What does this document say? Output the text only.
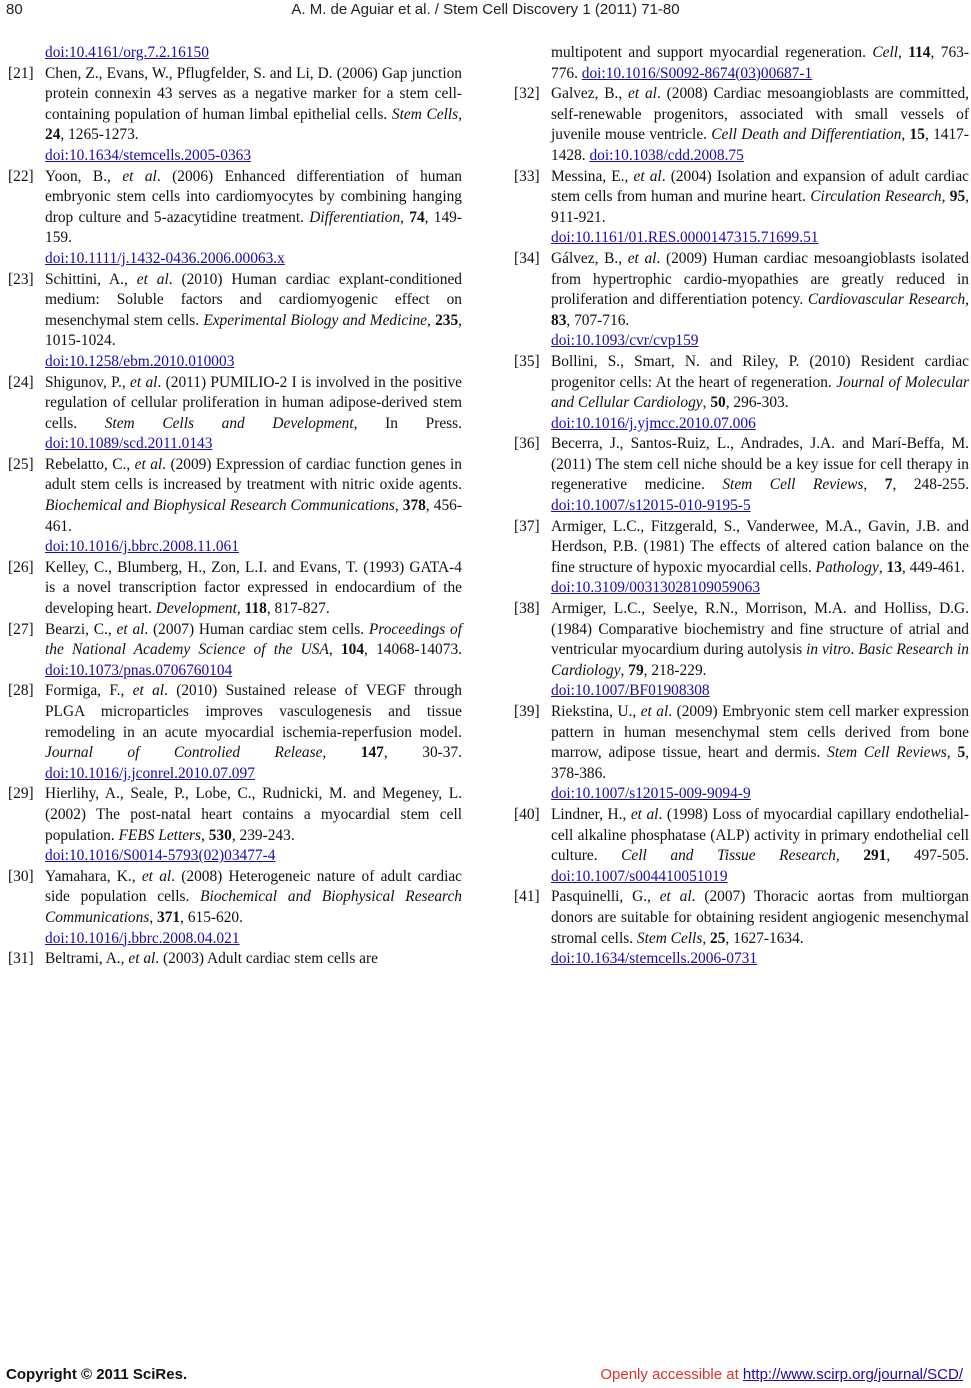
80	A. M. de Aguiar et al. / Stem Cell Discovery 1 (2011) 71-80
doi:10.4161/org.7.2.16150
[21] Chen, Z., Evans, W., Pflugfelder, S. and Li, D. (2006) Gap junction protein connexin 43 serves as a negative marker for a stem cell-containing population of human limbal epithelial cells. Stem Cells, 24, 1265-1273.
doi:10.1634/stemcells.2005-0363
[22] Yoon, B., et al. (2006) Enhanced differentiation of human embryonic stem cells into cardiomyocytes by combining hanging drop culture and 5-azacytidine treatment. Differentiation, 74, 149-159.
doi:10.1111/j.1432-0436.2006.00063.x
[23] Schittini, A., et al. (2010) Human cardiac explant-conditioned medium: Soluble factors and cardiomyogenic effect on mesenchymal stem cells. Experimental Biology and Medicine, 235, 1015-1024.
doi:10.1258/ebm.2010.010003
[24] Shigunov, P., et al. (2011) PUMILIO-2 I is involved in the positive regulation of cellular proliferation in human adipose-derived stem cells. Stem Cells and Development, In Press. doi:10.1089/scd.2011.0143
[25] Rebelatto, C., et al. (2009) Expression of cardiac function genes in adult stem cells is increased by treatment with nitric oxide agents. Biochemical and Biophysical Research Communications, 378, 456-461.
doi:10.1016/j.bbrc.2008.11.061
[26] Kelley, C., Blumberg, H., Zon, L.I. and Evans, T. (1993) GATA-4 is a novel transcription factor expressed in endocardium of the developing heart. Development, 118, 817-827.
[27] Bearzi, C., et al. (2007) Human cardiac stem cells. Proceedings of the National Academy Science of the USA, 104, 14068-14073. doi:10.1073/pnas.0706760104
[28] Formiga, F., et al. (2010) Sustained release of VEGF through PLGA microparticles improves vasculogenesis and tissue remodeling in an acute myocardial ischemia-reperfusion model. Journal of Controlied Release, 147, 30-37. doi:10.1016/j.jconrel.2010.07.097
[29] Hierlihy, A., Seale, P., Lobe, C., Rudnicki, M. and Megeney, L. (2002) The post-natal heart contains a myocardial stem cell population. FEBS Letters, 530, 239-243.
doi:10.1016/S0014-5793(02)03477-4
[30] Yamahara, K., et al. (2008) Heterogeneic nature of adult cardiac side population cells. Biochemical and Biophysical Research Communications, 371, 615-620.
doi:10.1016/j.bbrc.2008.04.021
[31] Beltrami, A., et al. (2003) Adult cardiac stem cells are
multipotent and support myocardial regeneration. Cell, 114, 763-776. doi:10.1016/S0092-8674(03)00687-1
[32] Galvez, B., et al. (2008) Cardiac mesoangioblasts are committed, self-renewable progenitors, associated with small vessels of juvenile mouse ventricle. Cell Death and Differentiation, 15, 1417-1428. doi:10.1038/cdd.2008.75
[33] Messina, E., et al. (2004) Isolation and expansion of adult cardiac stem cells from human and murine heart. Circulation Research, 95, 911-921.
doi:10.1161/01.RES.0000147315.71699.51
[34] Gálvez, B., et al. (2009) Human cardiac mesoangioblasts isolated from hypertrophic cardio-myopathies are greatly reduced in proliferation and differentiation potency. Cardiovascular Research, 83, 707-716.
doi:10.1093/cvr/cvp159
[35] Bollini, S., Smart, N. and Riley, P. (2010) Resident cardiac progenitor cells: At the heart of regeneration. Journal of Molecular and Cellular Cardiology, 50, 296-303.
doi:10.1016/j.yjmcc.2010.07.006
[36] Becerra, J., Santos-Ruiz, L., Andrades, J.A. and Marí-Beffa, M. (2011) The stem cell niche should be a key issue for cell therapy in regenerative medicine. Stem Cell Reviews, 7, 248-255. doi:10.1007/s12015-010-9195-5
[37] Armiger, L.C., Fitzgerald, S., Vanderwee, M.A., Gavin, J.B. and Herdson, P.B. (1981) The effects of altered cation balance on the fine structure of hypoxic myocardial cells. Pathology, 13, 449-461.
doi:10.3109/00313028109059063
[38] Armiger, L.C., Seelye, R.N., Morrison, M.A. and Holliss, D.G. (1984) Comparative biochemistry and fine structure of atrial and ventricular myocardium during autolysis in vitro. Basic Research in Cardiology, 79, 218-229.
doi:10.1007/BF01908308
[39] Riekstina, U., et al. (2009) Embryonic stem cell marker expression pattern in human mesenchymal stem cells derived from bone marrow, adipose tissue, heart and dermis. Stem Cell Reviews, 5, 378-386.
doi:10.1007/s12015-009-9094-9
[40] Lindner, H., et al. (1998) Loss of myocardial capillary endothelial-cell alkaline phosphatase (ALP) activity in primary endothelial cell culture. Cell and Tissue Research, 291, 497-505. doi:10.1007/s004410051019
[41] Pasquinelli, G., et al. (2007) Thoracic aortas from multiorgan donors are suitable for obtaining resident angiogenic mesenchymal stromal cells. Stem Cells, 25, 1627-1634.
doi:10.1634/stemcells.2006-0731
Copyright © 2011 SciRes.	Openly accessible at http://www.scirp.org/journal/SCD/
